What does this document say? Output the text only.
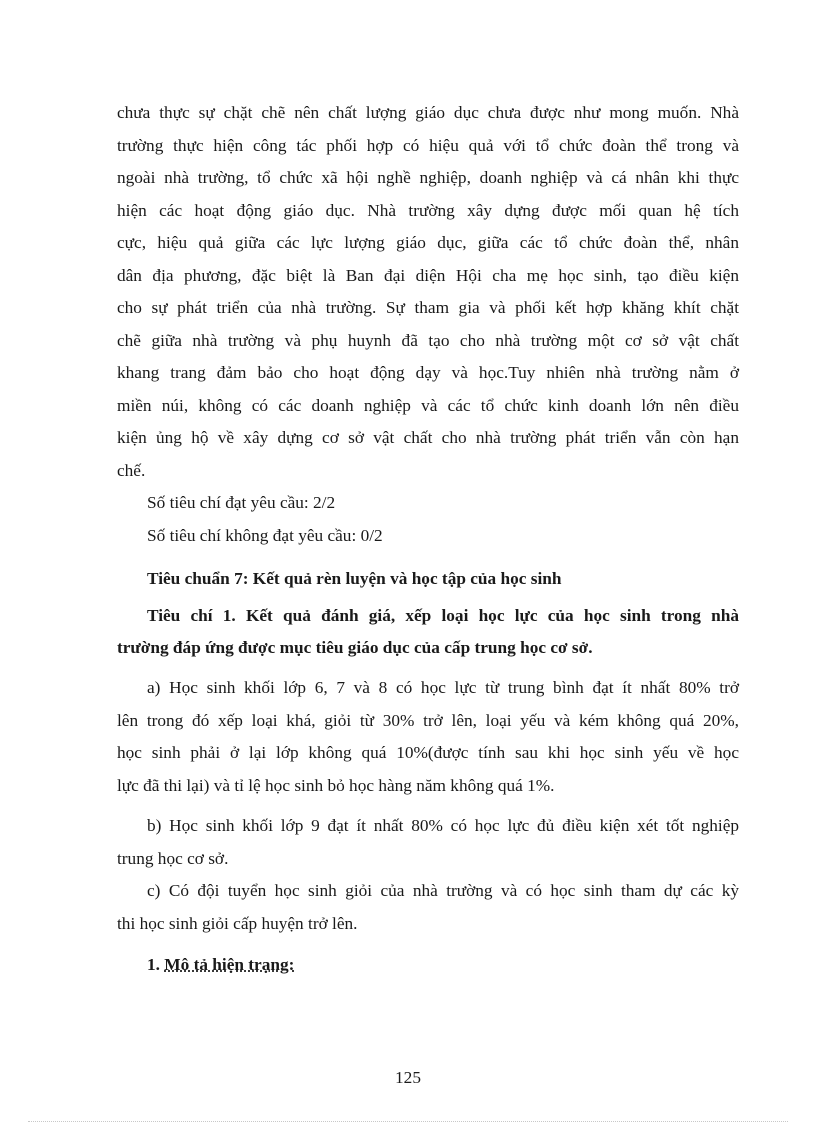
chưa thực sự chặt chẽ nên chất lượng giáo dục chưa được như mong muốn. Nhà
trường thực hiện công tác phối hợp có hiệu quả với tổ chức đoàn thể trong và
ngoài nhà trường, tổ chức xã hội nghề nghiệp, doanh nghiệp và cá nhân khi thực
hiện các hoạt động giáo dục. Nhà trường xây dựng được mối quan hệ tích
cực, hiệu quả giữa các lực lượng giáo dục, giữa các tổ chức đoàn thể, nhân
dân địa phương, đặc biệt là Ban đại diện Hội cha mẹ học sinh, tạo điều kiện
cho sự phát triển của nhà trường. Sự tham gia và phối kết hợp khăng khít chặt
chẽ giữa nhà trường và phụ huynh đã tạo cho nhà trường một cơ sở vật chất
khang trang đảm bảo cho hoạt động dạy và học.Tuy nhiên nhà trường nằm ở
miền núi, không có các doanh nghiệp và các tổ chức kinh doanh lớn nên điều
kiện ủng hộ về xây dựng cơ sở vật chất cho nhà trường phát triển vẫn còn hạn
chế.
Số tiêu chí đạt yêu cầu: 2/2
Số tiêu chí không đạt yêu cầu: 0/2
Tiêu chuẩn 7: Kết quả rèn luyện và học tập của học sinh
Tiêu chí 1. Kết quả đánh giá, xếp loại học lực của học sinh trong nhà
trường đáp ứng được mục tiêu giáo dục của cấp trung học cơ sở.
a) Học sinh khối lớp 6, 7 và 8 có học lực từ trung bình đạt ít nhất 80% trở
lên trong đó xếp loại khá, giỏi từ 30% trở lên, loại yếu và kém không quá 20%,
học sinh phải ở lại lớp không quá 10%(được tính sau khi học sinh yếu về học
lực đã thi lại) và tỉ lệ học sinh bỏ học hàng năm không quá 1%.
b) Học sinh khối lớp 9 đạt ít nhất 80% có học lực đủ điều kiện xét tốt nghiệp
trung học cơ sở.
c) Có đội tuyển học sinh giỏi của nhà trường và có học sinh tham dự các kỳ
thi học sinh giỏi cấp huyện trở lên.
1. Mô tả hiện trạng:
125
